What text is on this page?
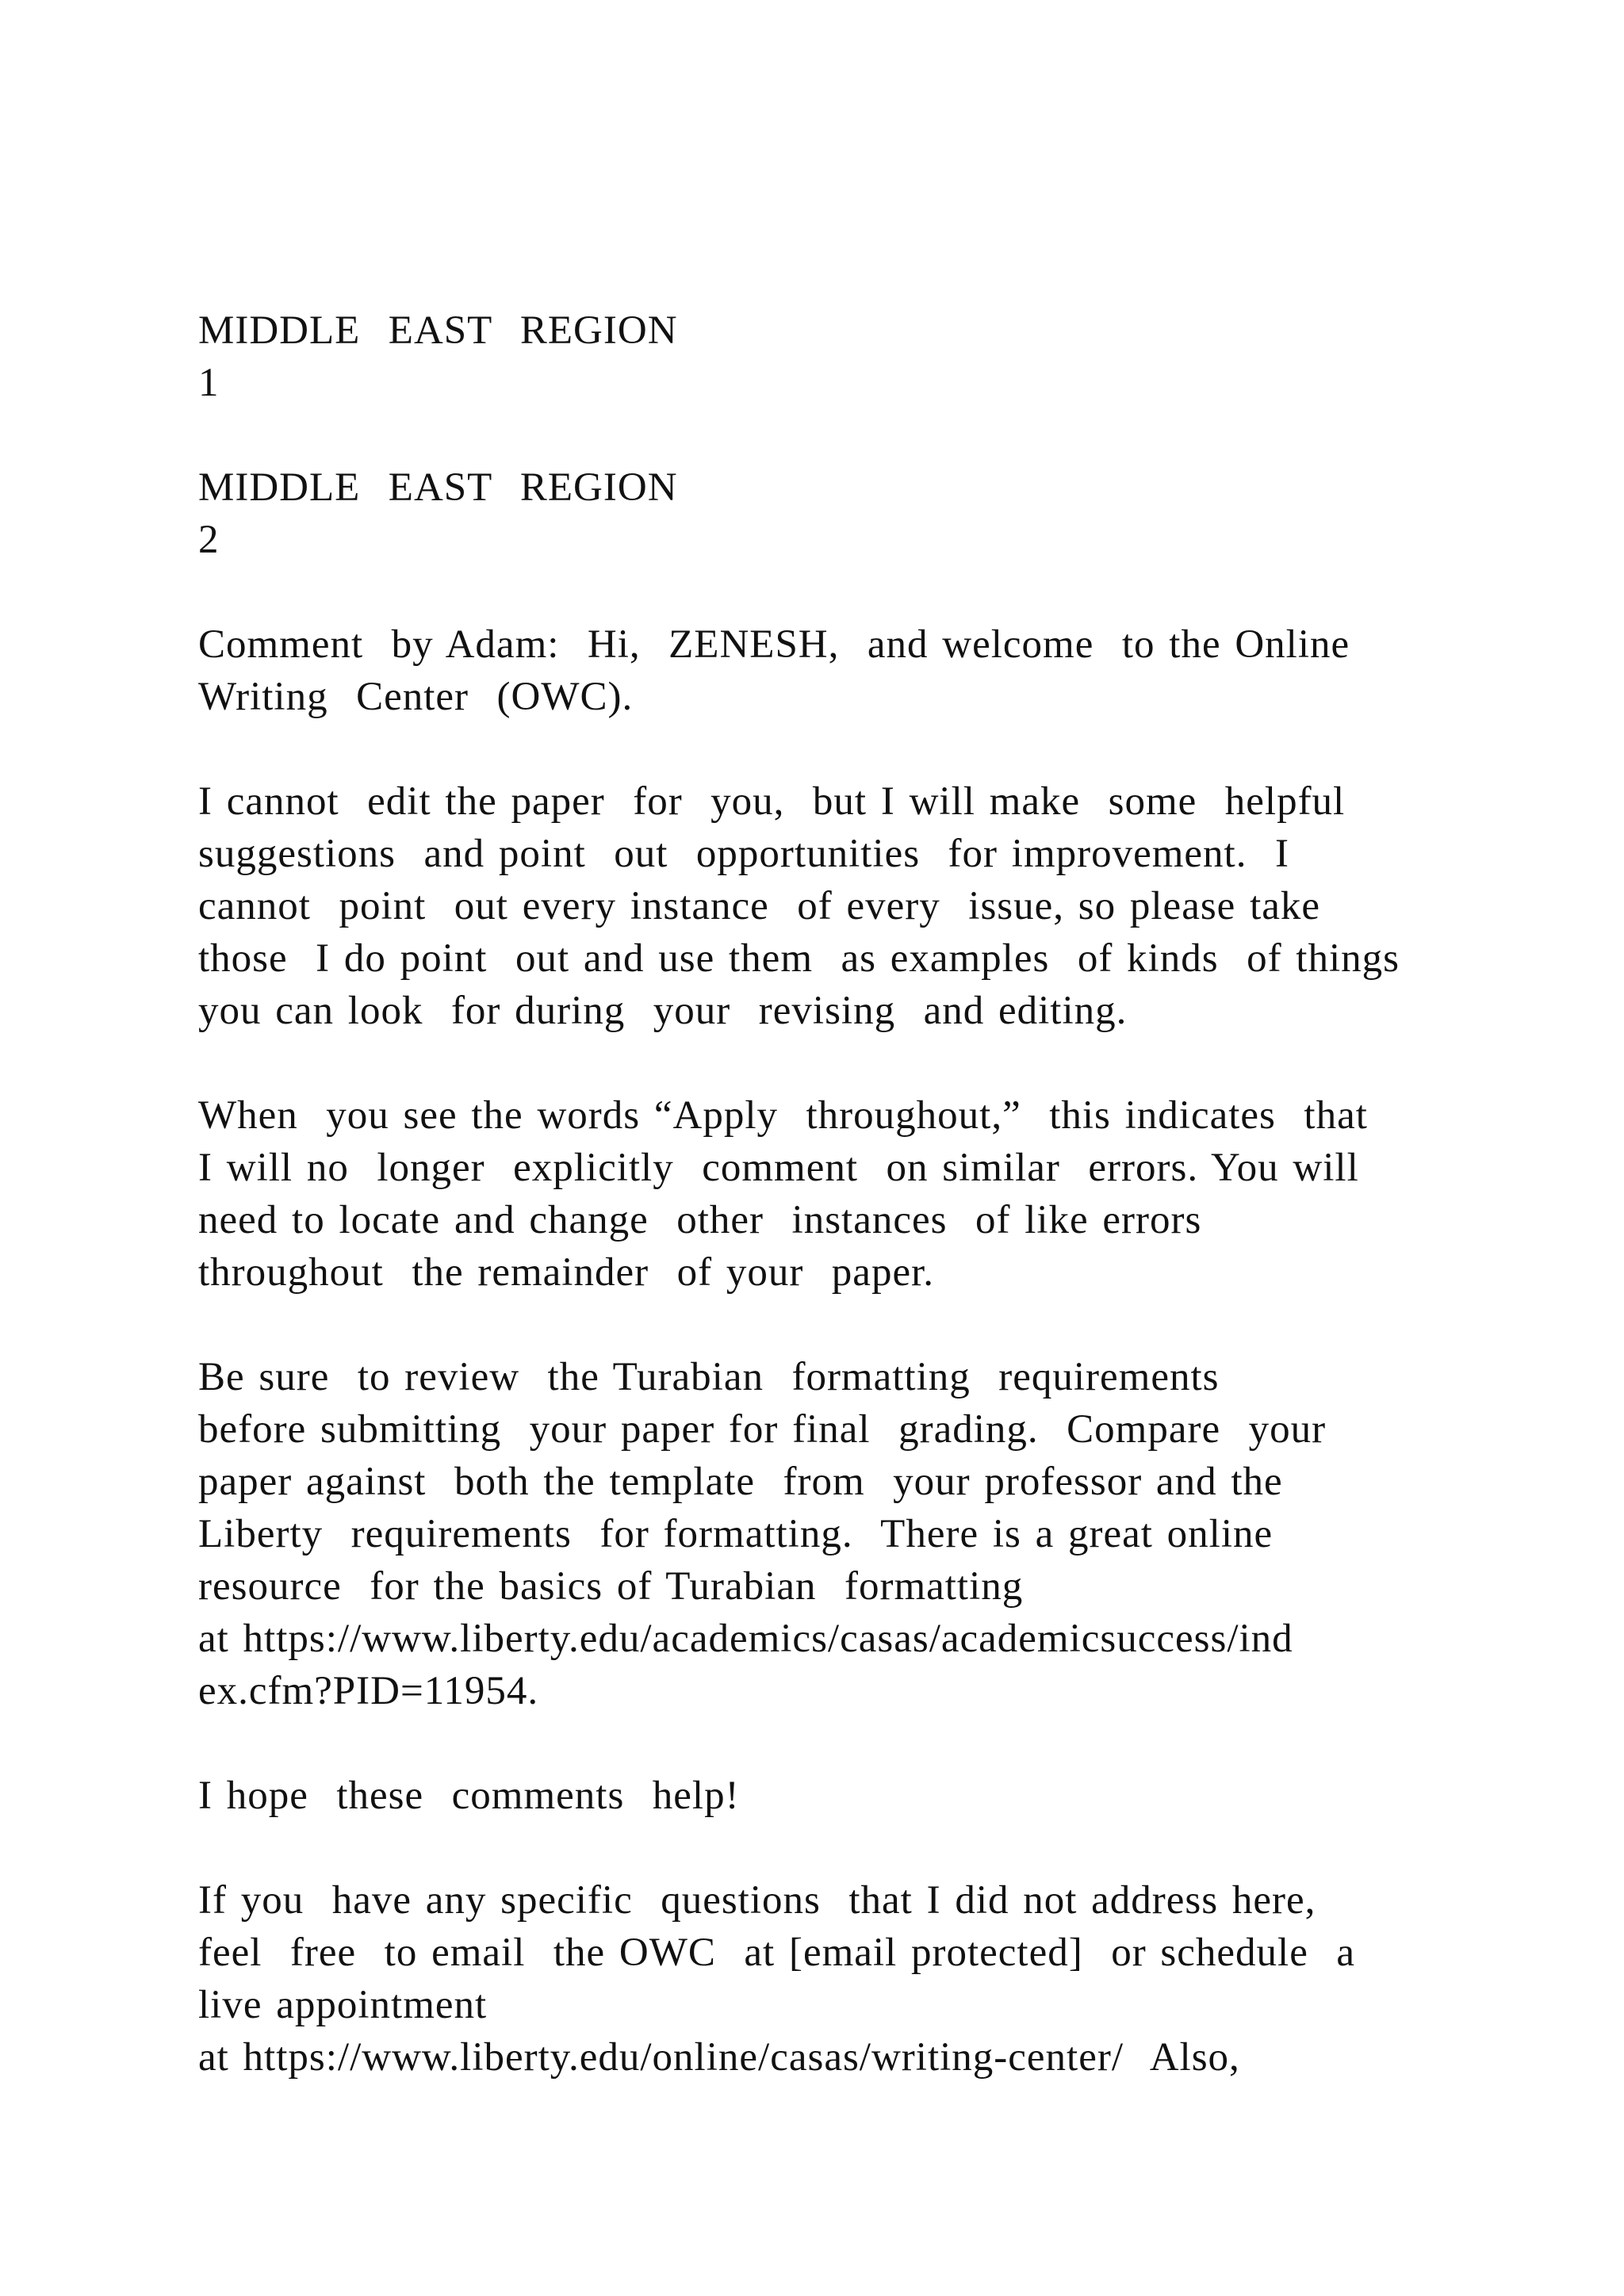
MIDDLE  EAST  REGION
1
MIDDLE  EAST  REGION
2
Comment  by Adam:  Hi,  ZENESH,  and welcome  to the Online
Writing  Center  (OWC).
I cannot  edit the paper  for  you,  but I will make  some  helpful
suggestions  and point  out  opportunities  for improvement.  I
cannot  point  out every instance  of every  issue, so please take
those  I do point  out and use them  as examples  of kinds  of things
you can look  for during  your  revising  and editing.
When  you see the words “Apply  throughout,”  this indicates  that
I will no  longer  explicitly  comment  on similar  errors. You will
need to locate and change  other  instances  of like errors
throughout  the remainder  of your  paper.
Be sure  to review  the Turabian  formatting  requirements
before submitting  your paper for final  grading.  Compare  your
paper against  both the template  from  your professor and the
Liberty  requirements  for formatting.  There is a great online
resource  for the basics of Turabian  formatting
at https://www.liberty.edu/academics/casas/academicsuccess/ind
ex.cfm?PID=11954.
I hope  these  comments  help!
If you  have any specific  questions  that I did not address here,
feel  free  to email  the OWC  at [email protected]  or schedule  a
live appointment
at https://www.liberty.edu/online/casas/writing-center/  Also,
